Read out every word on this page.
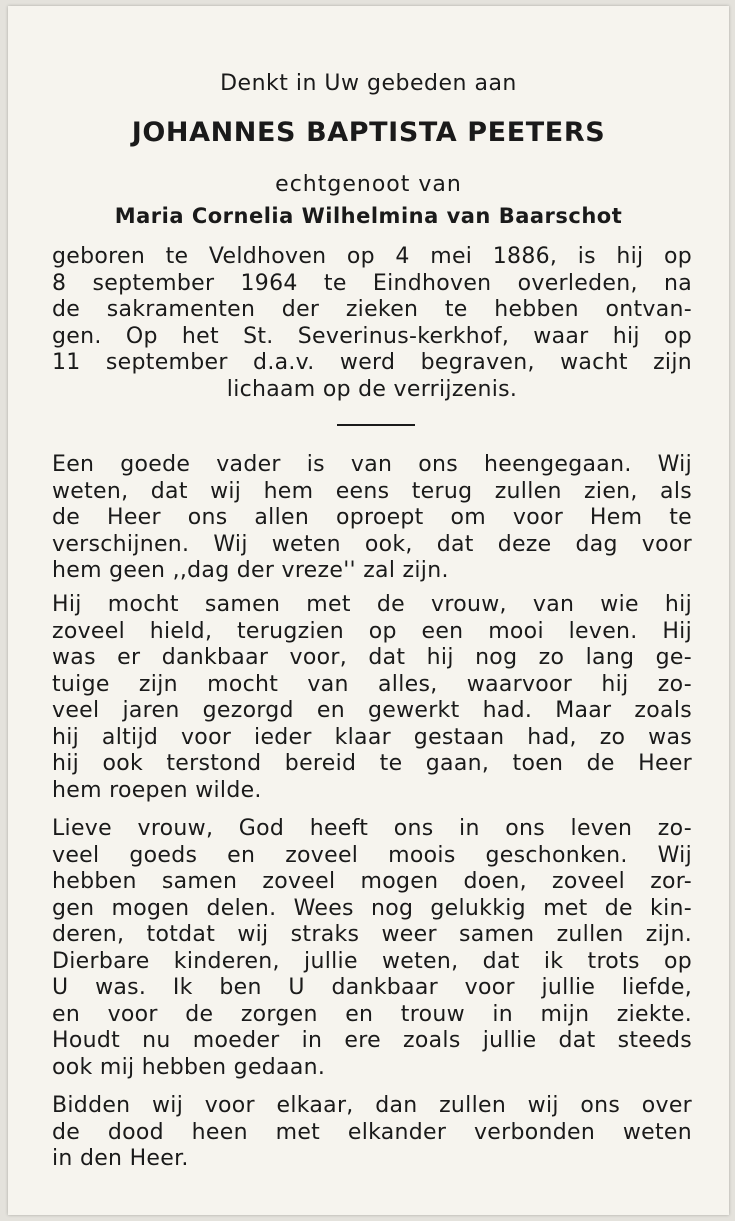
Denkt in Uw gebeden aan
JOHANNES BAPTISTA PEETERS
echtgenoot van
Maria Cornelia Wilhelmina van Baarschot
geboren te Veldhoven op 4 mei 1886, is hij op
8 september 1964 te Eindhoven overleden, na
de sakramenten der zieken te hebben ontvan-
gen. Op het St. Severinus-kerkhof, waar hij op
11 september d.a.v. werd begraven, wacht zijn
lichaam op de verrijzenis.
Een goede vader is van ons heengegaan. Wij
weten, dat wij hem eens terug zullen zien, als
de Heer ons allen oproept om voor Hem te
verschijnen. Wij weten ook, dat deze dag voor
hem geen ,,dag der vreze'' zal zijn.
Hij mocht samen met de vrouw, van wie hij
zoveel hield, terugzien op een mooi leven. Hij
was er dankbaar voor, dat hij nog zo lang ge-
tuige zijn mocht van alles, waarvoor hij zo-
veel jaren gezorgd en gewerkt had. Maar zoals
hij altijd voor ieder klaar gestaan had, zo was
hij ook terstond bereid te gaan, toen de Heer
hem roepen wilde.
Lieve vrouw, God heeft ons in ons leven zo-
veel goeds en zoveel moois geschonken. Wij
hebben samen zoveel mogen doen, zoveel zor-
gen mogen delen. Wees nog gelukkig met de kin-
deren, totdat wij straks weer samen zullen zijn.
Dierbare kinderen, jullie weten, dat ik trots op
U was. Ik ben U dankbaar voor jullie liefde,
en voor de zorgen en trouw in mijn ziekte.
Houdt nu moeder in ere zoals jullie dat steeds
ook mij hebben gedaan.
Bidden wij voor elkaar, dan zullen wij ons over
de dood heen met elkander verbonden weten
in den Heer.
